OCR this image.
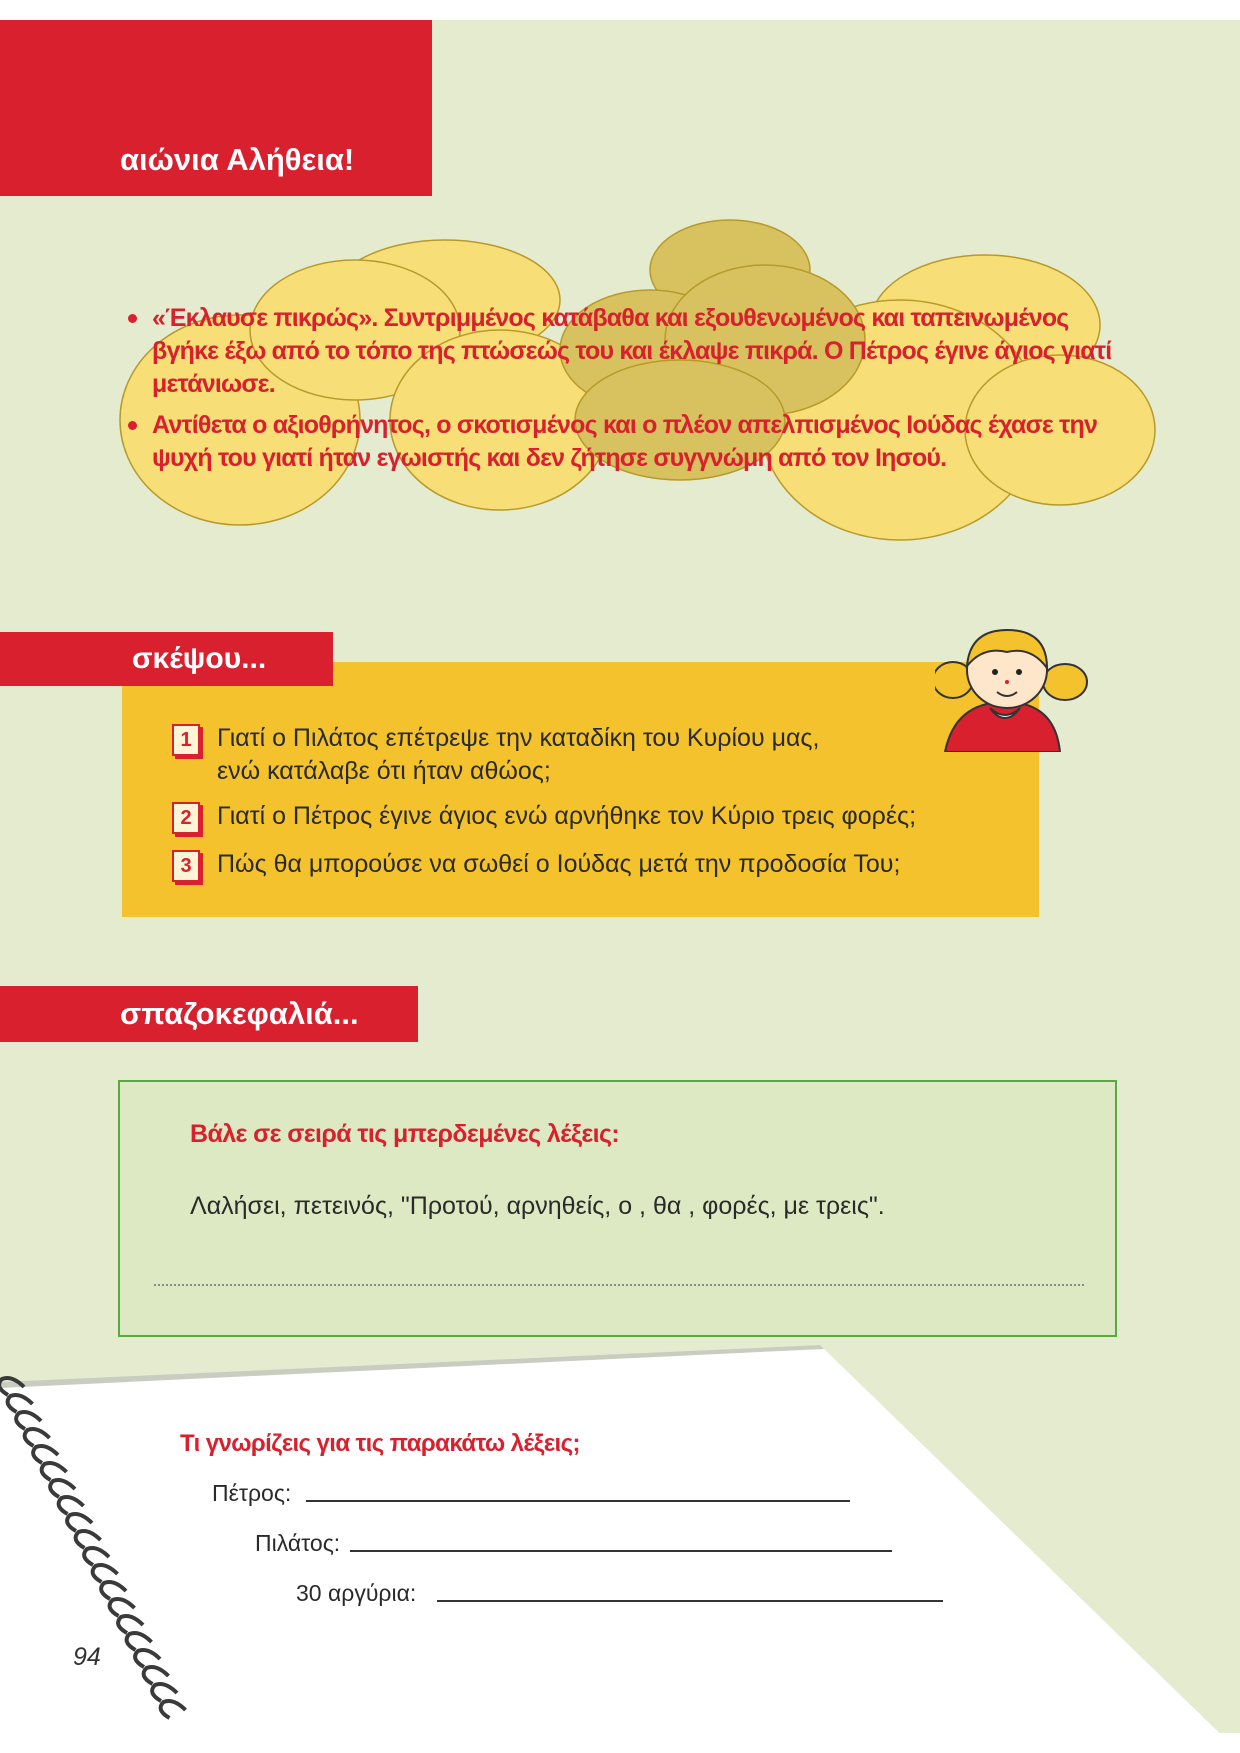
αιώνια Αλήθεια!
«Έκλαυσε πικρώς». Συντριμμένος κατάβαθα και εξουθενωμένος και ταπεινωμένος βγήκε έξω από το τόπο της πτώσεώς του και έκλαψε πικρά. Ο Πέτρος έγινε άγιος γιατί μετάνιωσε.
Αντίθετα ο αξιοθρήνητος, ο σκοτισμένος και ο πλέον απελπισμένος Ιούδας έχασε την ψυχή του γιατί ήταν εγωιστής και δεν ζήτησε συγγνώμη από τον Ιησού.
σκέψου...
1	Γιατί ο Πιλάτος επέτρεψε την καταδίκη του Κυρίου μας, ενώ κατάλαβε ότι ήταν αθώος;
2	Γιατί ο Πέτρος έγινε άγιος ενώ αρνήθηκε τον Κύριο τρεις φορές;
3	Πώς θα μπορούσε να σωθεί ο Ιούδας μετά την προδοσία Του;
σπαζοκεφαλιά...
Βάλε σε σειρά τις μπερδεμένες λέξεις:
Λαλήσει, πετεινός, "Προτού, αρνηθείς, ο , θα , φορές, με τρεις".
Τι γνωρίζεις για τις παρακάτω λέξεις;
Πέτρος:
Πιλάτος:
30 αργύρια:
94
